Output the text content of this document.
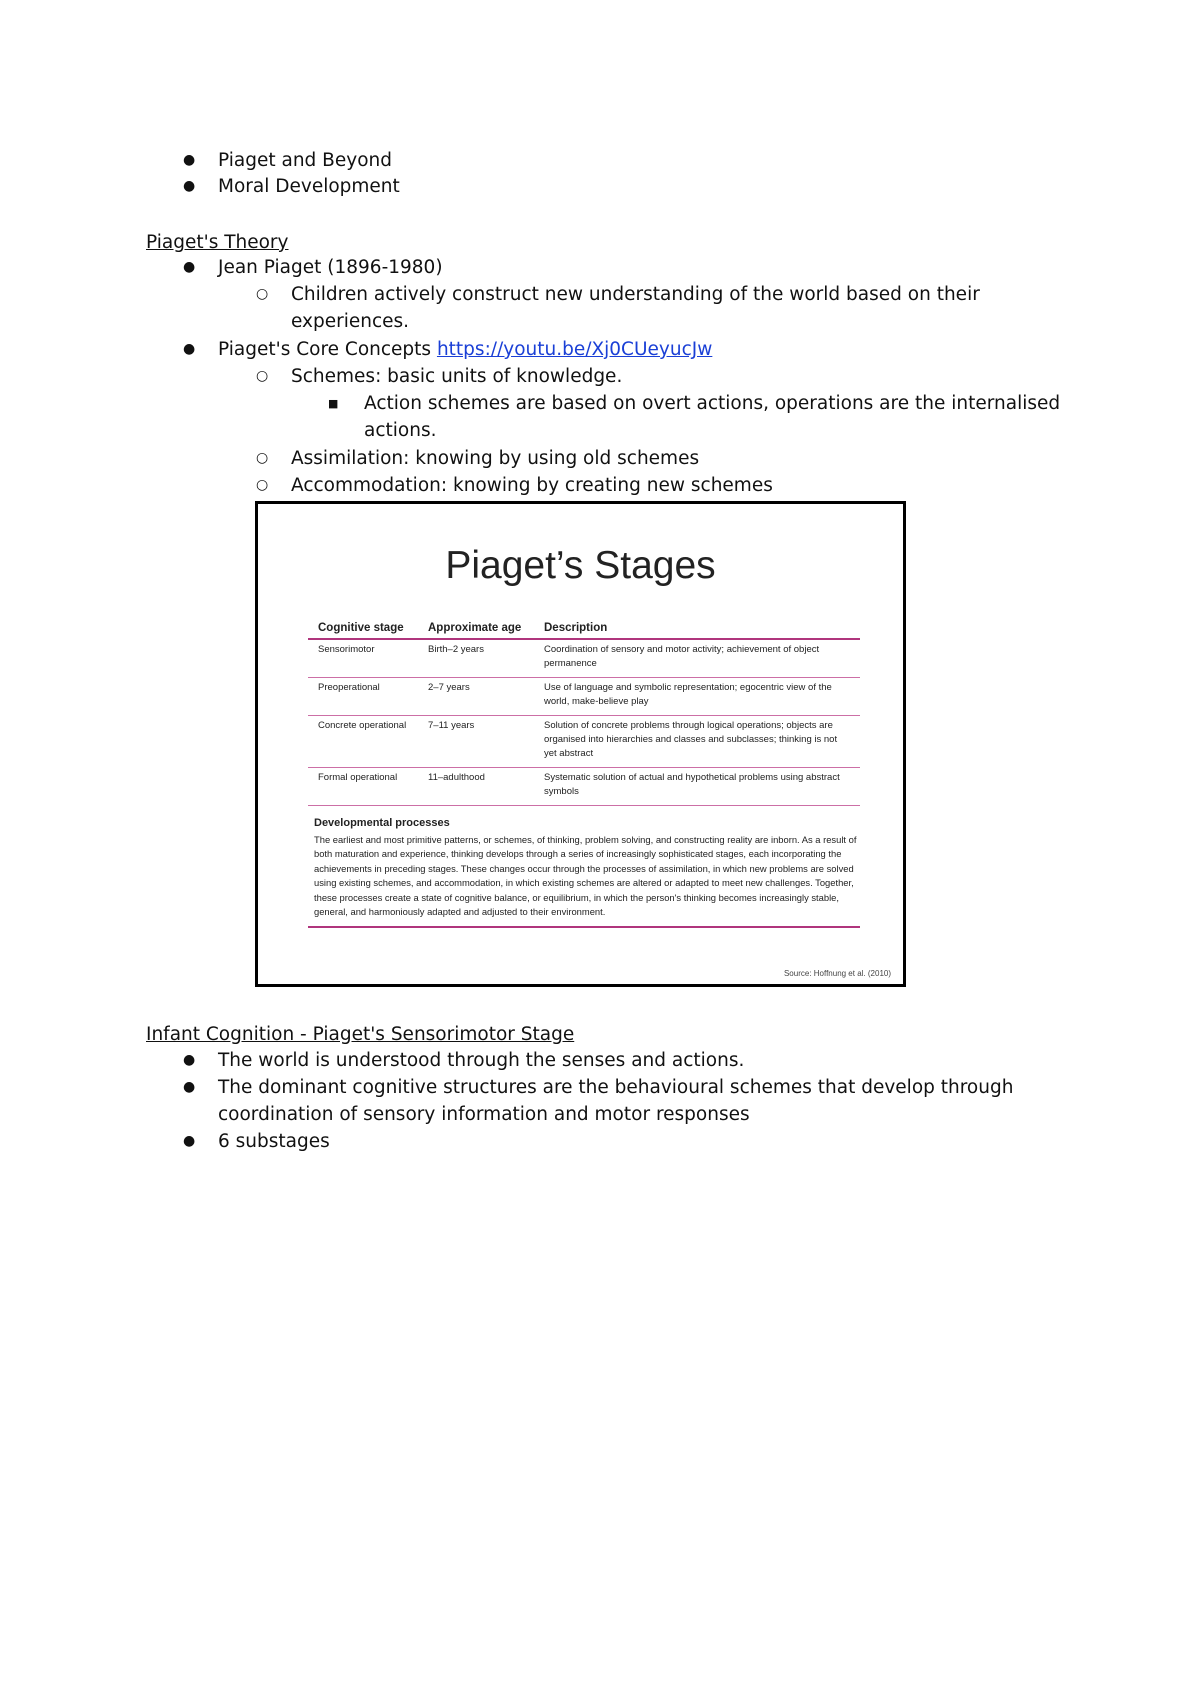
● Piaget and Beyond
● Moral Development
Piaget's Theory
● Jean Piaget (1896-1980)
○ Children actively construct new understanding of the world based on their
experiences.
● Piaget's Core Concepts https://youtu.be/Xj0CUeyucJw
○ Schemes: basic units of knowledge.
■ Action schemes are based on overt actions, operations are the internalised
actions.
○ Assimilation: knowing by using old schemes
○ Accommodation: knowing by creating new schemes
Piaget’s Stages
Cognitive stage	Approximate age	Description
Sensorimotor	Birth–2 years	Coordination of sensory and motor activity; achievement of object permanence
Preoperational	2–7 years	Use of language and symbolic representation; egocentric view of the world, make-believe play
Concrete operational	7–11 years	Solution of concrete problems through logical operations; objects are organised into hierarchies and classes and subclasses; thinking is not yet abstract
Formal operational	11–adulthood	Systematic solution of actual and hypothetical problems using abstract symbols
Developmental processes
The earliest and most primitive patterns, or schemes, of thinking, problem solving, and constructing reality are inborn. As a result of both maturation and experience, thinking develops through a series of increasingly sophisticated stages, each incorporating the achievements in preceding stages. These changes occur through the processes of assimilation, in which new problems are solved using existing schemes, and accommodation, in which existing schemes are altered or adapted to meet new challenges. Together, these processes create a state of cognitive balance, or equilibrium, in which the person's thinking becomes increasingly stable, general, and harmoniously adapted and adjusted to their environment.
Source: Hoffnung et al. (2010)
Infant Cognition - Piaget's Sensorimotor Stage
● The world is understood through the senses and actions.
● The dominant cognitive structures are the behavioural schemes that develop through
coordination of sensory information and motor responses
● 6 substages
